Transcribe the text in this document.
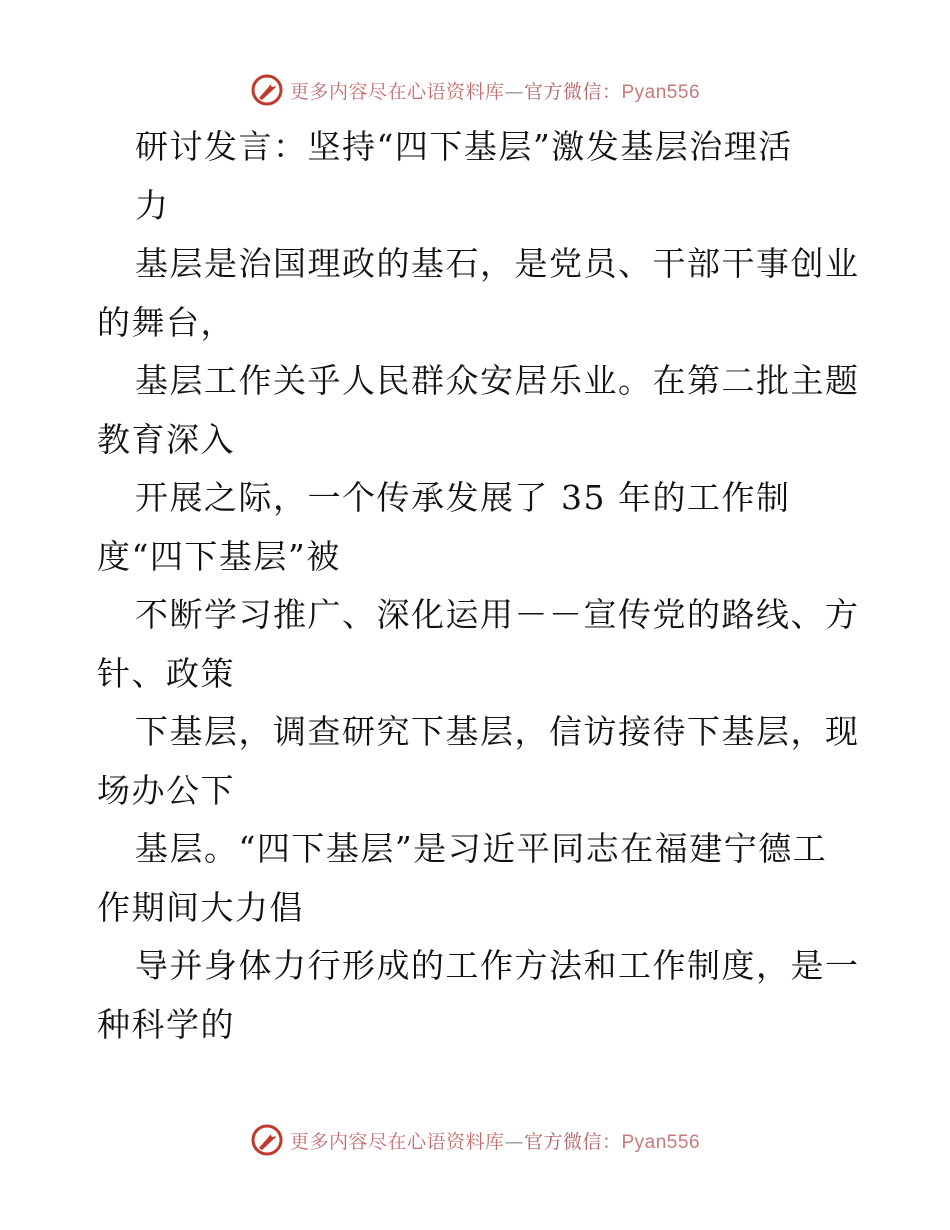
更多内容尽在心语资料库—官方微信：Pyan556
研讨发言：坚持“四下基层”激发基层治理活
力
基层是治国理政的基石，是党员、干部干事创业
的舞台，
基层工作关乎人民群众安居乐业。在第二批主题
教育深入
开展之际，一个传承发展了 35 年的工作制
度“四下基层”被
不断学习推广、深化运用－－宣传党的路线、方
针、政策
下基层，调查研究下基层，信访接待下基层，现
场办公下
基层。“四下基层”是习近平同志在福建宁德工
作期间大力倡
导并身体力行形成的工作方法和工作制度，是一
种科学的
更多内容尽在心语资料库—官方微信：Pyan556
